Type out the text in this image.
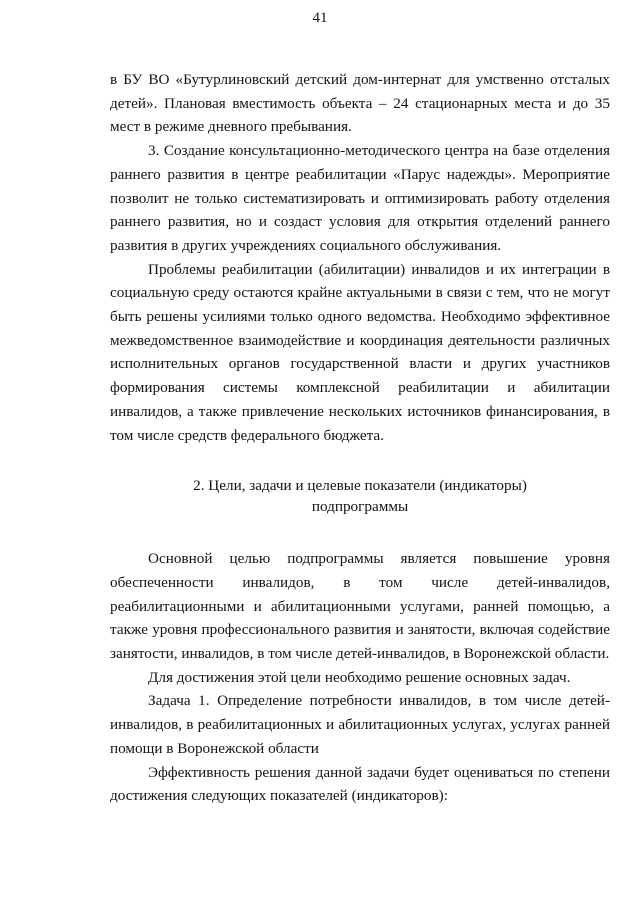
41

в БУ ВО «Бутурлиновский детский дом-интернат для умственно отсталых детей». Плановая вместимость объекта – 24 стационарных места и до 35 мест в режиме дневного пребывания.

3. Создание консультационно-методического центра на базе отделения раннего развития в центре реабилитации «Парус надежды». Мероприятие позволит не только систематизировать и оптимизировать работу отделения раннего развития, но и создаст условия для открытия отделений раннего развития в других учреждениях социального обслуживания.

Проблемы реабилитации (абилитации) инвалидов и их интеграции в социальную среду остаются крайне актуальными в связи с тем, что не могут быть решены усилиями только одного ведомства. Необходимо эффективное межведомственное взаимодействие и координация деятельности различных исполнительных органов государственной власти и других участников формирования системы комплексной реабилитации и абилитации инвалидов, а также привлечение нескольких источников финансирования, в том числе средств федерального бюджета.

2. Цели, задачи и целевые показатели (индикаторы)
подпрограммы

Основной целью подпрограммы является повышение уровня обеспеченности инвалидов, в том числе детей-инвалидов, реабилитационными и абилитационными услугами, ранней помощью, а также уровня профессионального развития и занятости, включая содействие занятости, инвалидов, в том числе детей-инвалидов, в Воронежской области.

Для достижения этой цели необходимо решение основных задач.

Задача 1. Определение потребности инвалидов, в том числе детей-инвалидов, в реабилитационных и абилитационных услугах, услугах ранней помощи в Воронежской области

Эффективность решения данной задачи будет оцениваться по степени достижения следующих показателей (индикаторов):
